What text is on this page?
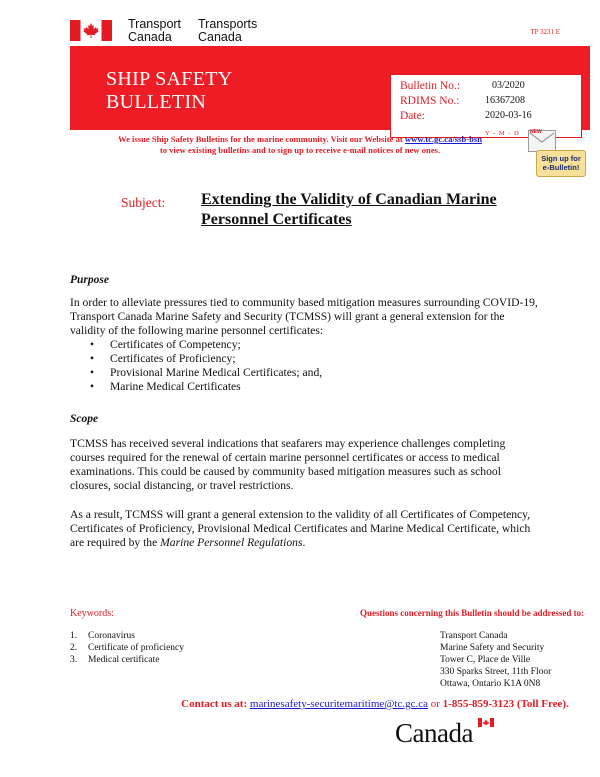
Transport
Canada
Transports
Canada	TP 3231 E
SHIP SAFETY
BULLETIN
Bulletin No.:	03/2020
RDIMS No.:	16367208
Date:	2020-03-16
Y - M - D
We issue Ship Safety Bulletins for the marine community. Visit our Website at www.tc.gc.ca/ssb-bsn
to view existing bulletins and to sign up to receive e-mail notices of new ones.
NEW
Sign up for
e-Bulletin!
Subject: Extending the Validity of Canadian Marine
Personnel Certificates
Purpose
In order to alleviate pressures tied to community based mitigation measures surrounding COVID-19, Transport Canada Marine Safety and Security (TCMSS) will grant a general extension for the validity of the following marine personnel certificates:
• Certificates of Competency;
• Certificates of Proficiency;
• Provisional Marine Medical Certificates; and,
• Marine Medical Certificates
Scope
TCMSS has received several indications that seafarers may experience challenges completing courses required for the renewal of certain marine personnel certificates or access to medical examinations. This could be caused by community based mitigation measures such as school closures, social distancing, or travel restrictions.
As a result, TCMSS will grant a general extension to the validity of all Certificates of Competency, Certificates of Proficiency, Provisional Medical Certificates and Marine Medical Certificate, which are required by the Marine Personnel Regulations.
Keywords:
1. Coronavirus
2. Certificate of proficiency
3. Medical certificate
Questions concerning this Bulletin should be addressed to:
Transport Canada
Marine Safety and Security
Tower C, Place de Ville
330 Sparks Street, 11th Floor
Ottawa, Ontario K1A 0N8
Contact us at: marinesafety-securitemaritime@tc.gc.ca or 1-855-859-3123 (Toll Free).
Canada
